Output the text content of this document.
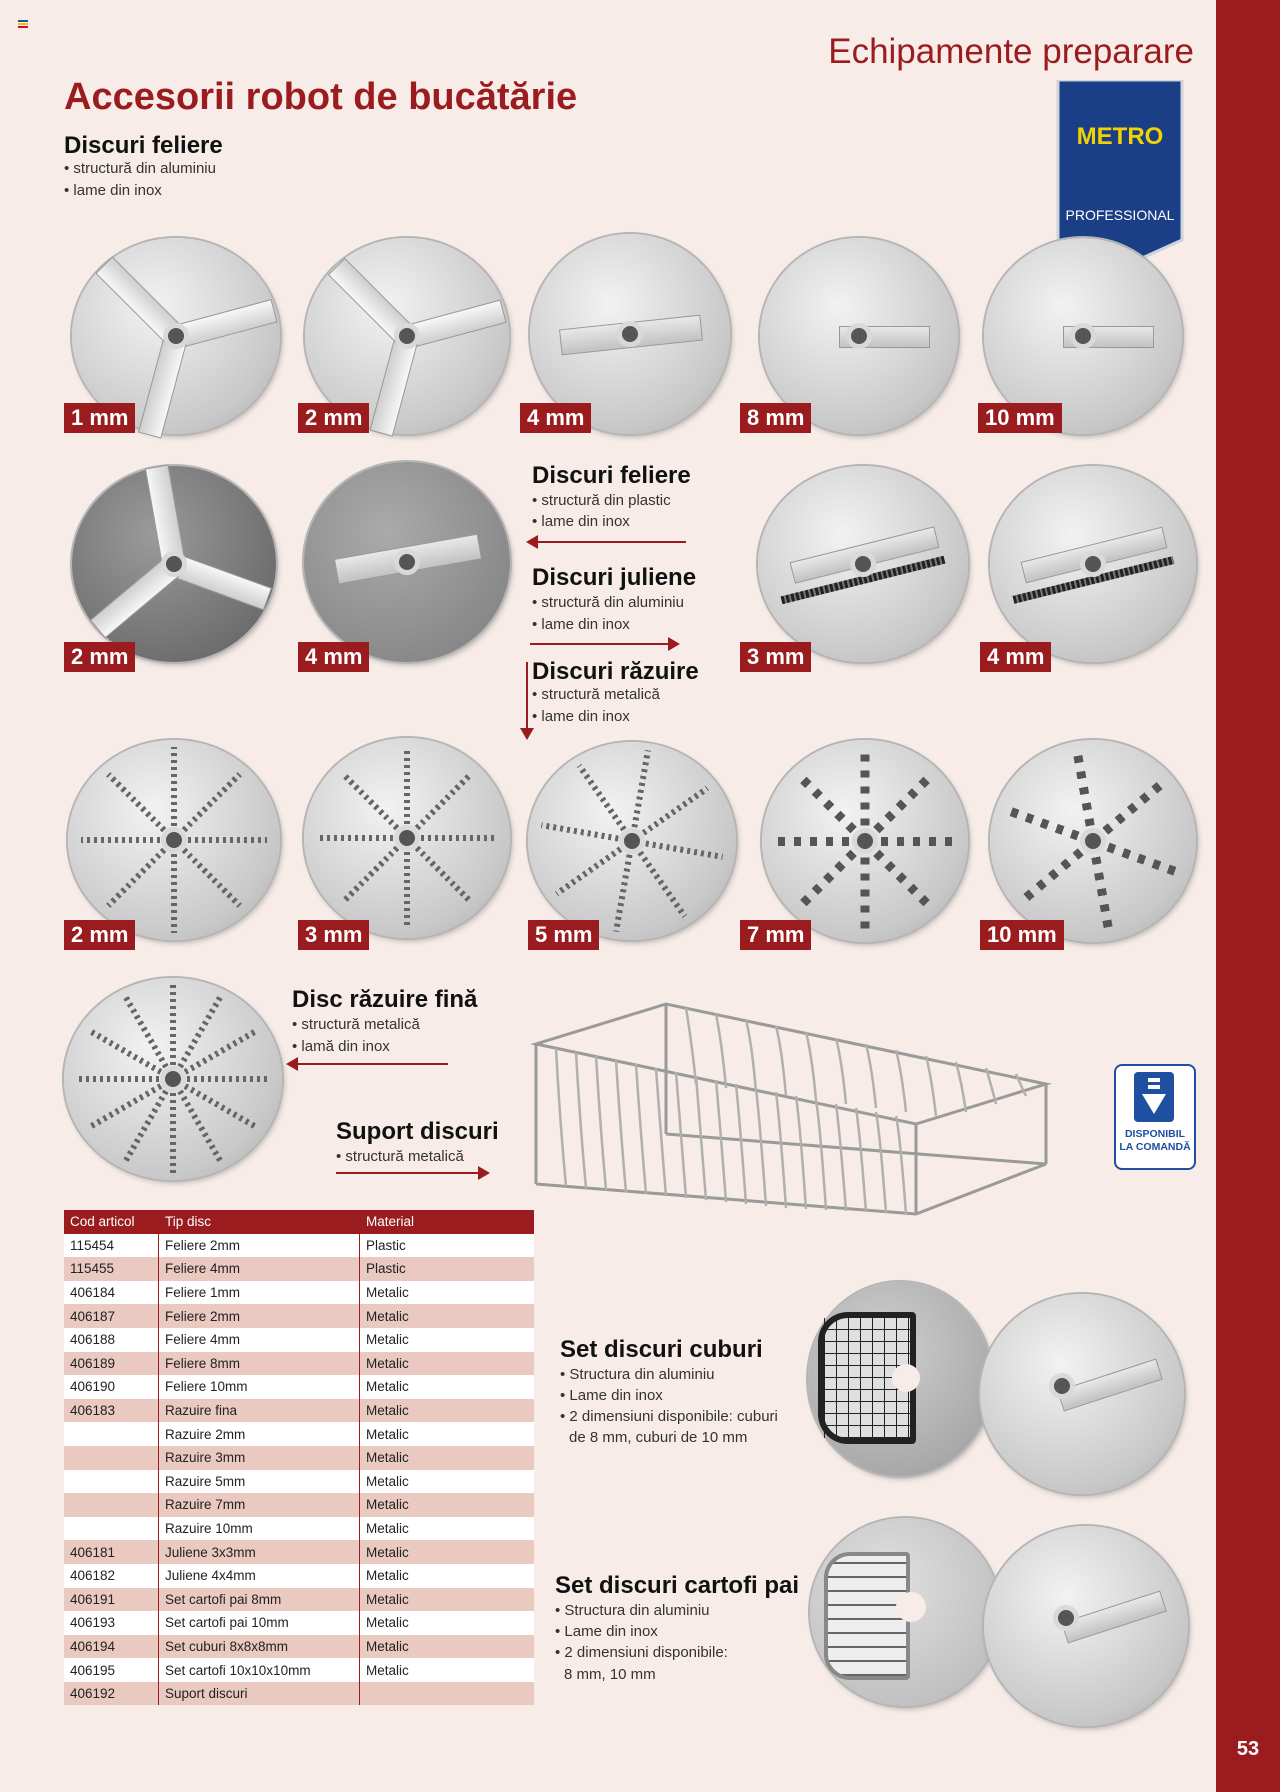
53
Echipamente preparare
Accesorii robot de bucătărie
METRO
PROFESSIONAL
Discuri feliere
• structură din aluminiu
• lame din inox
1 mm	2 mm	4 mm	8 mm	10 mm
Discuri feliere
• structură din plastic
• lame din inox
Discuri juliene
• structură din aluminiu
• lame din inox
Discuri răzuire
• structură metalică
• lame din inox
2 mm	4 mm	3 mm	4 mm
2 mm	3 mm	5 mm	7 mm	10 mm
Disc răzuire fină
• structură metalică
• lamă din inox
Suport discuri
• structură metalică
DISPONIBIL
LA COMANDĂ
Cod articol	Tip disc	Material
115454	Feliere 2mm	Plastic
115455	Feliere 4mm	Plastic
406184	Feliere 1mm	Metalic
406187	Feliere 2mm	Metalic
406188	Feliere 4mm	Metalic
406189	Feliere 8mm	Metalic
406190	Feliere 10mm	Metalic
406183	Razuire fina	Metalic
	Razuire 2mm	Metalic
	Razuire 3mm	Metalic
	Razuire 5mm	Metalic
	Razuire 7mm	Metalic
	Razuire 10mm	Metalic
406181	Juliene 3x3mm	Metalic
406182	Juliene 4x4mm	Metalic
406191	Set cartofi pai 8mm	Metalic
406193	Set cartofi pai 10mm	Metalic
406194	Set cuburi 8x8x8mm	Metalic
406195	Set cartofi 10x10x10mm	Metalic
406192	Suport discuri	
Set discuri cuburi
• Structura din aluminiu
• Lame din inox
• 2 dimensiuni disponibile: cuburi
de 8 mm, cuburi de 10 mm
Set discuri cartofi pai
• Structura din aluminiu
• Lame din inox
• 2 dimensiuni disponibile:
8 mm, 10 mm
